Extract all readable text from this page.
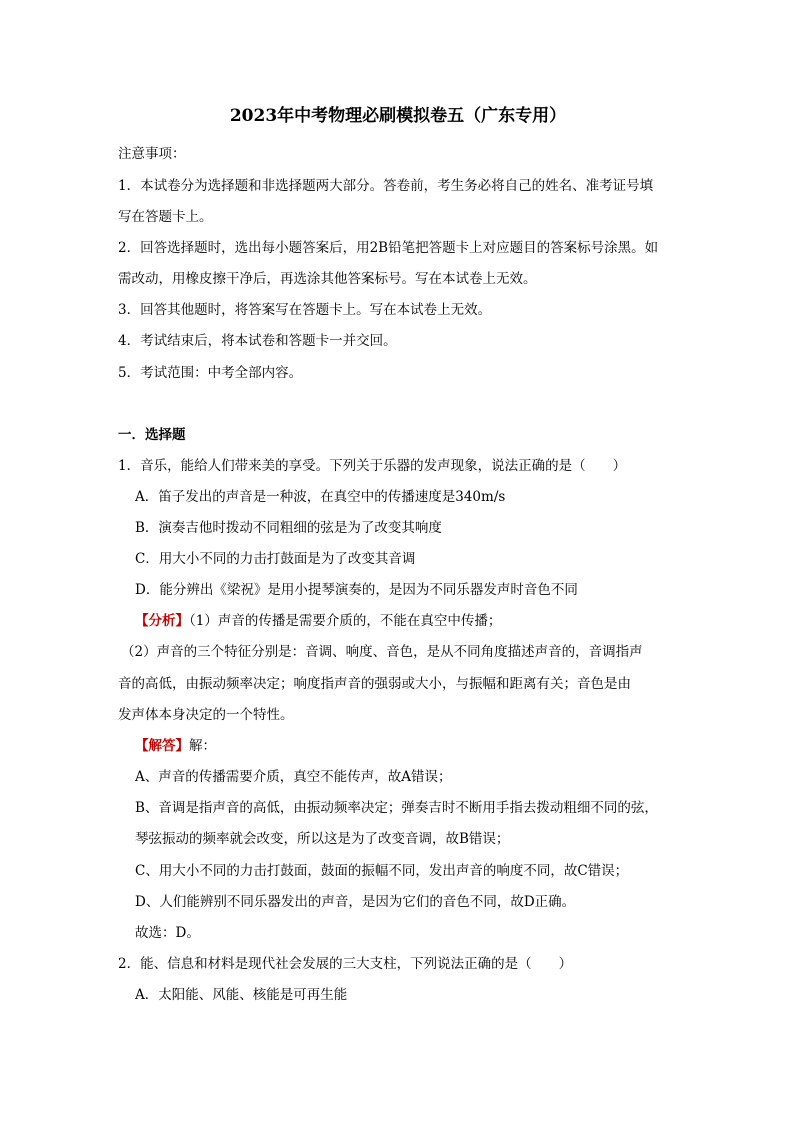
2023年中考物理必刷模拟卷五（广东专用）
注意事项：
1．本试卷分为选择题和非选择题两大部分。答卷前，考生务必将自己的姓名、准考证号填
写在答题卡上。
2．回答选择题时，选出每小题答案后，用2B铅笔把答题卡上对应题目的答案标号涂黑。如
需改动，用橡皮擦干净后，再选涂其他答案标号。写在本试卷上无效。
3．回答其他题时，将答案写在答题卡上。写在本试卷上无效。
4．考试结束后，将本试卷和答题卡一并交回。
5．考试范围：中考全部内容。
一．选择题
1．音乐，能给人们带来美的享受。下列关于乐器的发声现象，说法正确的是（　　）
A．笛子发出的声音是一种波，在真空中的传播速度是340m/s
B．演奏吉他时拨动不同粗细的弦是为了改变其响度
C．用大小不同的力击打鼓面是为了改变其音调
D．能分辨出《梁祝》是用小提琴演奏的，是因为不同乐器发声时音色不同
【分析】（1）声音的传播是需要介质的，不能在真空中传播；
（2）声音的三个特征分别是：音调、响度、音色，是从不同角度描述声音的，音调指声
音的高低，由振动频率决定；响度指声音的强弱或大小，与振幅和距离有关；音色是由
发声体本身决定的一个特性。
【解答】解：
A、声音的传播需要介质，真空不能传声，故A错误；
B、音调是指声音的高低，由振动频率决定；弹奏吉时不断用手指去拨动粗细不同的弦，
琴弦振动的频率就会改变，所以这是为了改变音调，故B错误；
C、用大小不同的力击打鼓面，鼓面的振幅不同，发出声音的响度不同，故C错误；
D、人们能辨别不同乐器发出的声音，是因为它们的音色不同，故D正确。
故选：D。
2．能、信息和材料是现代社会发展的三大支柱，下列说法正确的是（　　）
A．太阳能、风能、核能是可再生能
